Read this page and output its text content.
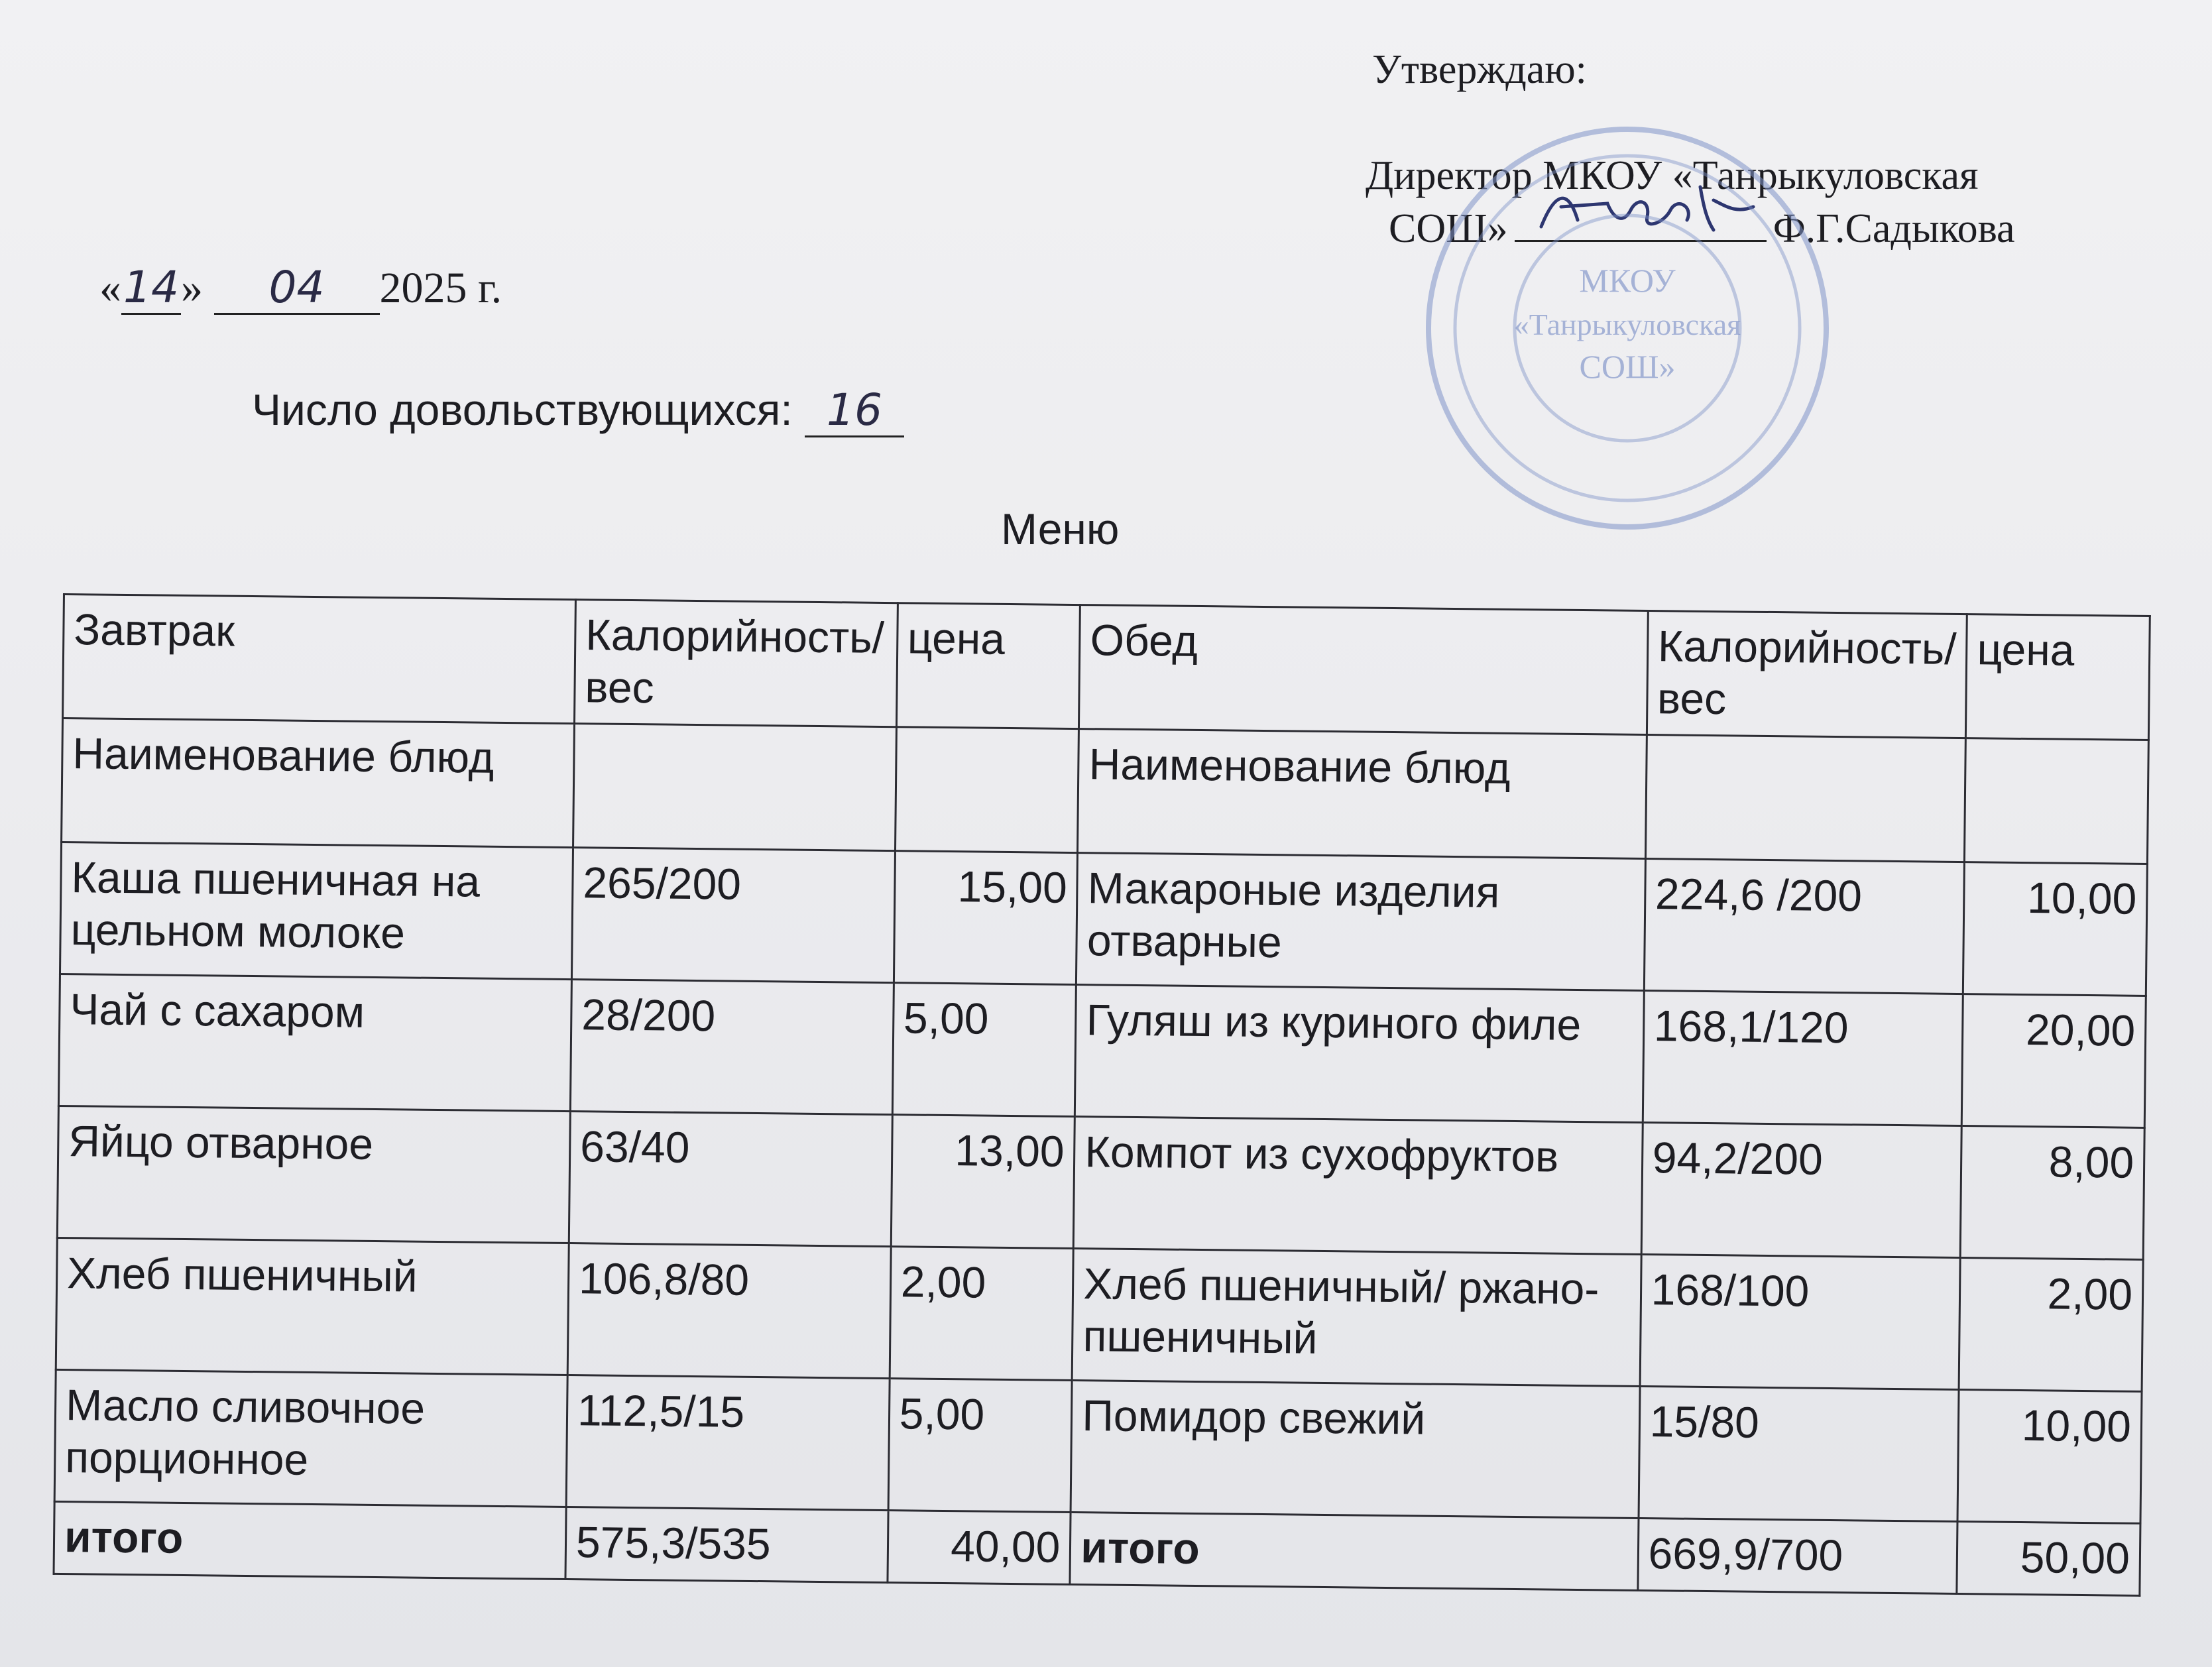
Утверждаю:
Директор МКОУ «Танрыкуловская
СОШ»	Ф.Г.Садыкова
МКОУ
«Танрыкуловская
СОШ»
«14» 04 2025 г.
Число довольствующихся: 16
Меню
Завтрак	Калорийность/вес	цена	Обед	Калорийность/вес	цена
Наименование блюд			Наименование блюд		
Каша пшеничная на цельном молоке	265/200	15,00	Макароные изделия отварные	224,6 /200	10,00
Чай с сахаром	28/200	5,00	Гуляш из куриного филе	168,1/120	20,00
Яйцо отварное	63/40	13,00	Компот из сухофруктов	94,2/200	8,00
Хлеб пшеничный	106,8/80	2,00	Хлеб пшеничный/ ржано-пшеничный	168/100	2,00
Масло сливочное порционное	112,5/15	5,00	Помидор свежий	15/80	10,00
итого	575,3/535	40,00	итого	669,9/700	50,00
